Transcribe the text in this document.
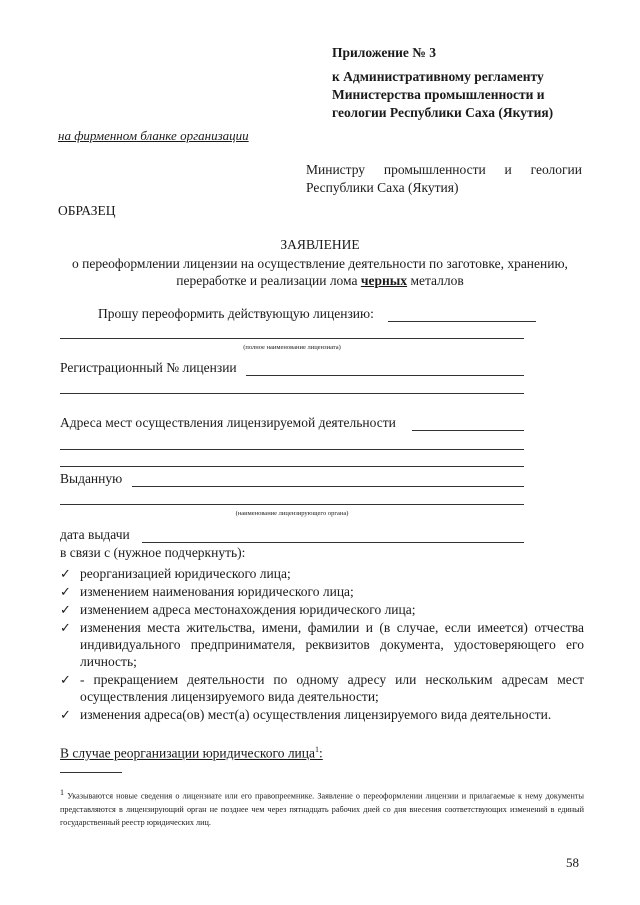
Приложение № 3
к Административному регламенту Министерства промышленности и геологии Республики Саха (Якутия)
на фирменном бланке организации
Министру промышленности и геологии Республики Саха (Якутия)
ОБРАЗЕЦ
ЗАЯВЛЕНИЕ
о переоформлении лицензии на осуществление деятельности по заготовке, хранению, переработке и реализации лома черных металлов
Прошу переоформить действующую лицензию:
(полное наименование лицензиата)
Регистрационный № лицензии
Адреса мест осуществления лицензируемой деятельности
Выданную
(наименование лицензирующего органа)
дата выдачи
в связи с (нужное подчеркнуть):
✓ реорганизацией юридического лица;
✓ изменением наименования юридического лица;
✓ изменением адреса местонахождения юридического лица;
✓ изменения места жительства, имени, фамилии и (в случае, если имеется) отчества индивидуального предпринимателя, реквизитов документа, удостоверяющего его личность;
✓ - прекращением деятельности по одному адресу или нескольким адресам мест осуществления лицензируемого вида деятельности;
✓ изменения адреса(ов) мест(а) осуществления лицензируемого вида деятельности.
В случае реорганизации юридического лица$^1$:
$^1$ Указываются новые сведения о лицензиате или его правопреемнике. Заявление о переоформлении лицензии и прилагаемые к нему документы представляются в лицензирующий орган не позднее чем через пятнадцать рабочих дней со дня внесения соответствующих изменений в единый государственный реестр юридических лиц.
58
